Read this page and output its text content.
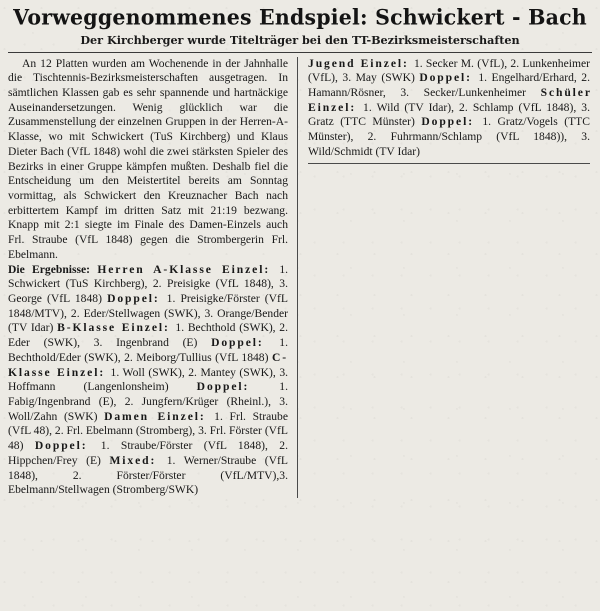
Vorweggenommenes Endspiel: Schwickert - Bach
Der Kirchberger wurde Titelträger bei den TT-Bezirksmeisterschaften

An 12 Platten wurden am Wochenende in der Jahnhalle die Tischtennis-Bezirksmeisterschaften ausgetragen. In sämtlichen Klassen gab es sehr spannende und hartnäckige Auseinandersetzungen. Wenig glücklich war die Zusammenstellung der einzelnen Gruppen in der Herren-A-Klasse, wo mit Schwickert (TuS Kirchberg) und Klaus Dieter Bach (VfL 1848) wohl die zwei stärksten Spieler des Bezirks in einer Gruppe kämpfen mußten. Deshalb fiel die Entscheidung um den Meistertitel bereits am Sonntag vormittag, als Schwickert den Kreuznacher Bach nach erbittertem Kampf im dritten Satz mit 21:19 bezwang. Knapp mit 2:1 siegte im Finale des Damen-Einzels auch Frl. Straube (VfL 1848) gegen die Strombergerin Frl. Ebelmann.

Die Ergebnisse: Herren A-Klasse Einzel: 1. Schwickert (TuS Kirchberg), 2. Preisigke (VfL 1848), 3. George (VfL 1848) Doppel: 1. Preisigke/Förster (VfL 1848/MTV), 2. Eder/Stellwagen (SWK), 3. Orange/Bender (TV Idar) B-Klasse Einzel: 1. Bechthold (SWK), 2. Eder (SWK), 3. Ingenbrand (E) Doppel: 1. Bechthold/Eder (SWK), 2. Meiborg/Tullius (VfL 1848) C-Klasse Einzel: 1. Woll (SWK), 2. Mantey (SWK), 3. Hoffmann (Langenlonsheim) Doppel: 1. Fabig/Ingenbrand (E), 2. Jungfern/Krüger (Rheinl.), 3. Woll/Zahn (SWK) Damen Einzel: 1. Frl. Straube (VfL 48), 2. Frl. Ebelmann (Stromberg), 3. Frl. Förster (VfL 48) Doppel: 1. Straube/Förster (VfL 1848), 2. Hippchen/Frey (E) Mixed: 1. Werner/Straube (VfL 1848), 2. Förster/Förster (VfL/MTV),3. Ebelmann/Stellwagen (Stromberg/SWK)

Jugend Einzel: 1. Secker M. (VfL), 2. Lunkenheimer (VfL), 3. May (SWK) Doppel: 1. Engelhard/Erhard, 2. Hamann/Rösner, 3. Secker/Lunkenheimer Schüler Einzel: 1. Wild (TV Idar), 2. Schlamp (VfL 1848), 3. Gratz (TTC Münster) Doppel: 1. Gratz/Vogels (TTC Münster), 2. Fuhrmann/Schlamp (VfL 1848)), 3. Wild/Schmidt (TV Idar)
